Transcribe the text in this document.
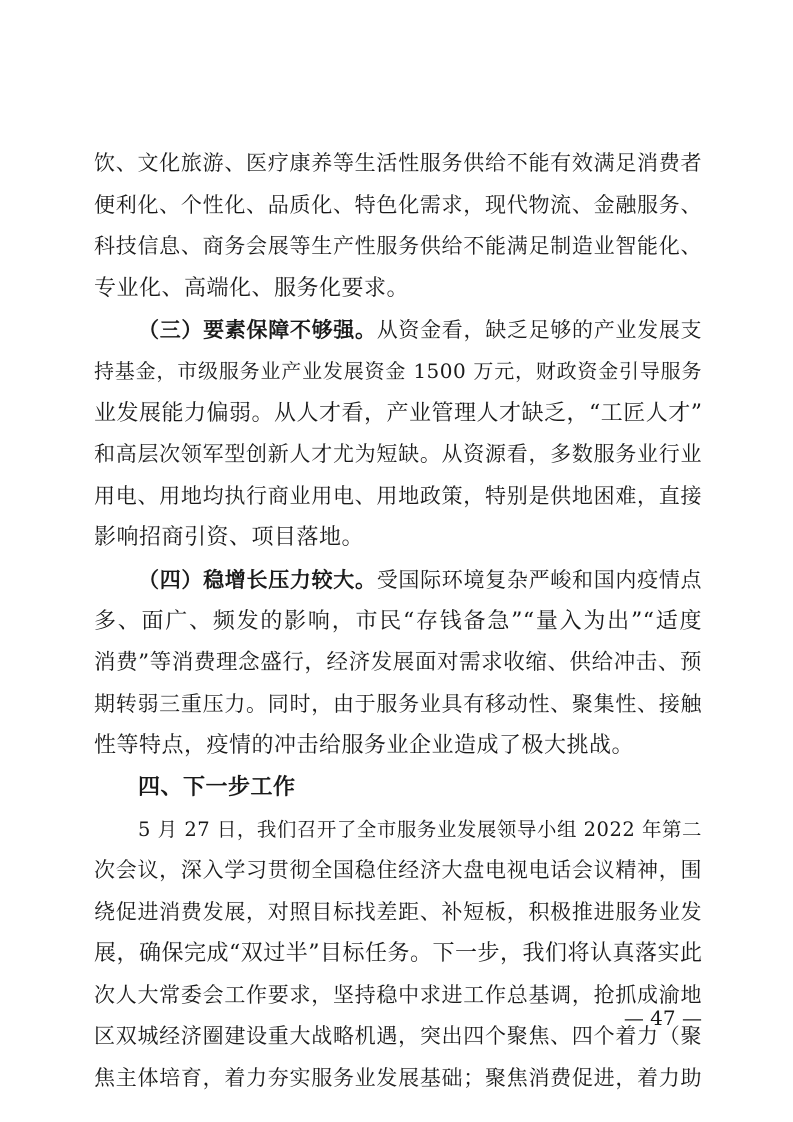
饮、文化旅游、医疗康养等生活性服务供给不能有效满足消费者
便利化、个性化、品质化、特色化需求，现代物流、金融服务、
科技信息、商务会展等生产性服务供给不能满足制造业智能化、
专业化、高端化、服务化要求。
（三）要素保障不够强。从资金看，缺乏足够的产业发展支
持基金，市级服务业产业发展资金 1500 万元，财政资金引导服务
业发展能力偏弱。从人才看，产业管理人才缺乏，“工匠人才”
和高层次领军型创新人才尤为短缺。从资源看，多数服务业行业
用电、用地均执行商业用电、用地政策，特别是供地困难，直接
影响招商引资、项目落地。
（四）稳增长压力较大。受国际环境复杂严峻和国内疫情点
多、面广、频发的影响，市民“存钱备急”“量入为出”“适度
消费”等消费理念盛行，经济发展面对需求收缩、供给冲击、预
期转弱三重压力。同时，由于服务业具有移动性、聚集性、接触
性等特点，疫情的冲击给服务业企业造成了极大挑战。
四、下一步工作
5 月 27 日，我们召开了全市服务业发展领导小组 2022 年第二
次会议，深入学习贯彻全国稳住经济大盘电视电话会议精神，围
绕促进消费发展，对照目标找差距、补短板，积极推进服务业发
展，确保完成“双过半”目标任务。下一步，我们将认真落实此
次人大常委会工作要求，坚持稳中求进工作总基调，抢抓成渝地
区双城经济圈建设重大战略机遇，突出四个聚焦、四个着力（聚
焦主体培育，着力夯实服务业发展基础；聚焦消费促进，着力助
— 47 —
